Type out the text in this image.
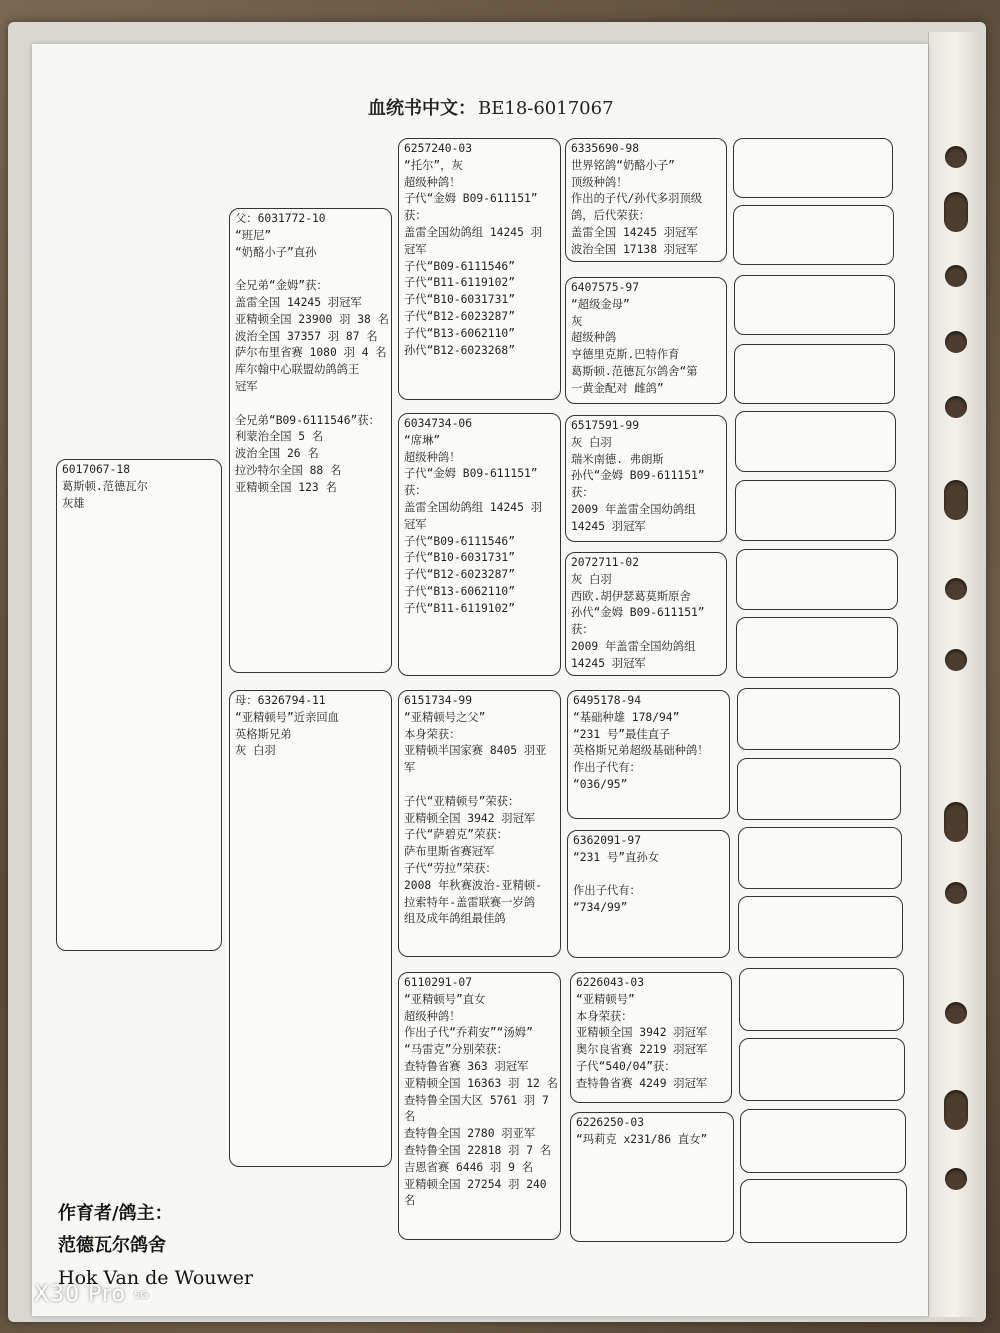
血统书中文： BE18-6017067
6017067-18
葛斯顿.范德瓦尔
灰雄
父：6031772-10
“班尼”
“奶酪小子”直孙
全兄弟“金姆”获：
盖雷全国 14245 羽冠军
亚精顿全国 23900 羽 38 名
波治全国 37357 羽 87 名
萨尔布里省赛 1080 羽 4 名
库尔翰中心联盟幼鸽鸽王
冠军
全兄弟“B09-6111546”获：
利蒙治全国 5 名
波治全国 26 名
拉沙特尔全国 88 名
亚精顿全国 123 名
母：6326794-11
“亚精顿号”近亲回血
英格斯兄弟
灰 白羽
6257240-03
“托尔”，灰
超级种鸽！
子代“金姆 B09-611151”
获：
盖雷全国幼鸽组 14245 羽
冠军
子代“B09-6111546”
子代“B11-6119102”
子代“B10-6031731”
子代“B12-6023287”
子代“B13-6062110”
孙代“B12-6023268”
6034734-06
“席琳”
超级种鸽！
子代“金姆 B09-611151”
获：
盖雷全国幼鸽组 14245 羽
冠军
子代“B09-6111546”
子代“B10-6031731”
子代“B12-6023287”
子代“B13-6062110”
子代“B11-6119102”
6151734-99
“亚精顿号之父”
本身荣获：
亚精顿半国家赛 8405 羽亚
军
子代“亚精顿号”荣获：
亚精顿全国 3942 羽冠军
子代“萨碧克”荣获：
萨布里斯省赛冠军
子代“劳拉”荣获：
2008 年秋赛波治-亚精顿-
拉索特年-盖雷联赛一岁鸽
组及成年鸽组最佳鸽
6110291-07
“亚精顿号”直女
超级种鸽！
作出子代“乔莉安”“汤姆”
“马雷克”分别荣获：
查特鲁省赛 363 羽冠军
亚精顿全国 16363 羽 12 名
查特鲁全国大区 5761 羽 7
名
查特鲁全国 2780 羽亚军
查特鲁全国 22818 羽 7 名
吉恩省赛 6446 羽 9 名
亚精顿全国 27254 羽 240
名
6335690-98
世界铭鸽“奶酪小子”
顶级种鸽！
作出的子代/孙代多羽顶级
鸽，后代荣获：
盖雷全国 14245 羽冠军
波治全国 17138 羽冠军
6407575-97
“超级金母”
灰
超级种鸽
亨德里克斯.巴特作育
葛斯顿.范德瓦尔鸽舍“第
一黄金配对 雌鸽”
6517591-99
灰 白羽
瑞米南德. 弗朗斯
孙代“金姆 B09-611151”
获：
2009 年盖雷全国幼鸽组
14245 羽冠军
2072711-02
灰 白羽
西欧.胡伊瑟葛莫斯原舍
孙代“金姆 B09-611151”
获：
2009 年盖雷全国幼鸽组
14245 羽冠军
6495178-94
“基础种雄 178/94”
“231 号”最佳直子
英格斯兄弟超级基础种鸽！
作出子代有：
“036/95”
6362091-97
“231 号”直孙女
作出子代有：
“734/99”
6226043-03
“亚精顿号”
本身荣获：
亚精顿全国 3942 羽冠军
奥尔良省赛 2219 羽冠军
子代“540/04”获：
查特鲁省赛 4249 羽冠军
6226250-03
“玛莉克 x231/86 直女”
作育者/鸽主：
范德瓦尔鸽舍
Hok Van de Wouwer
X30 Pro 5G
